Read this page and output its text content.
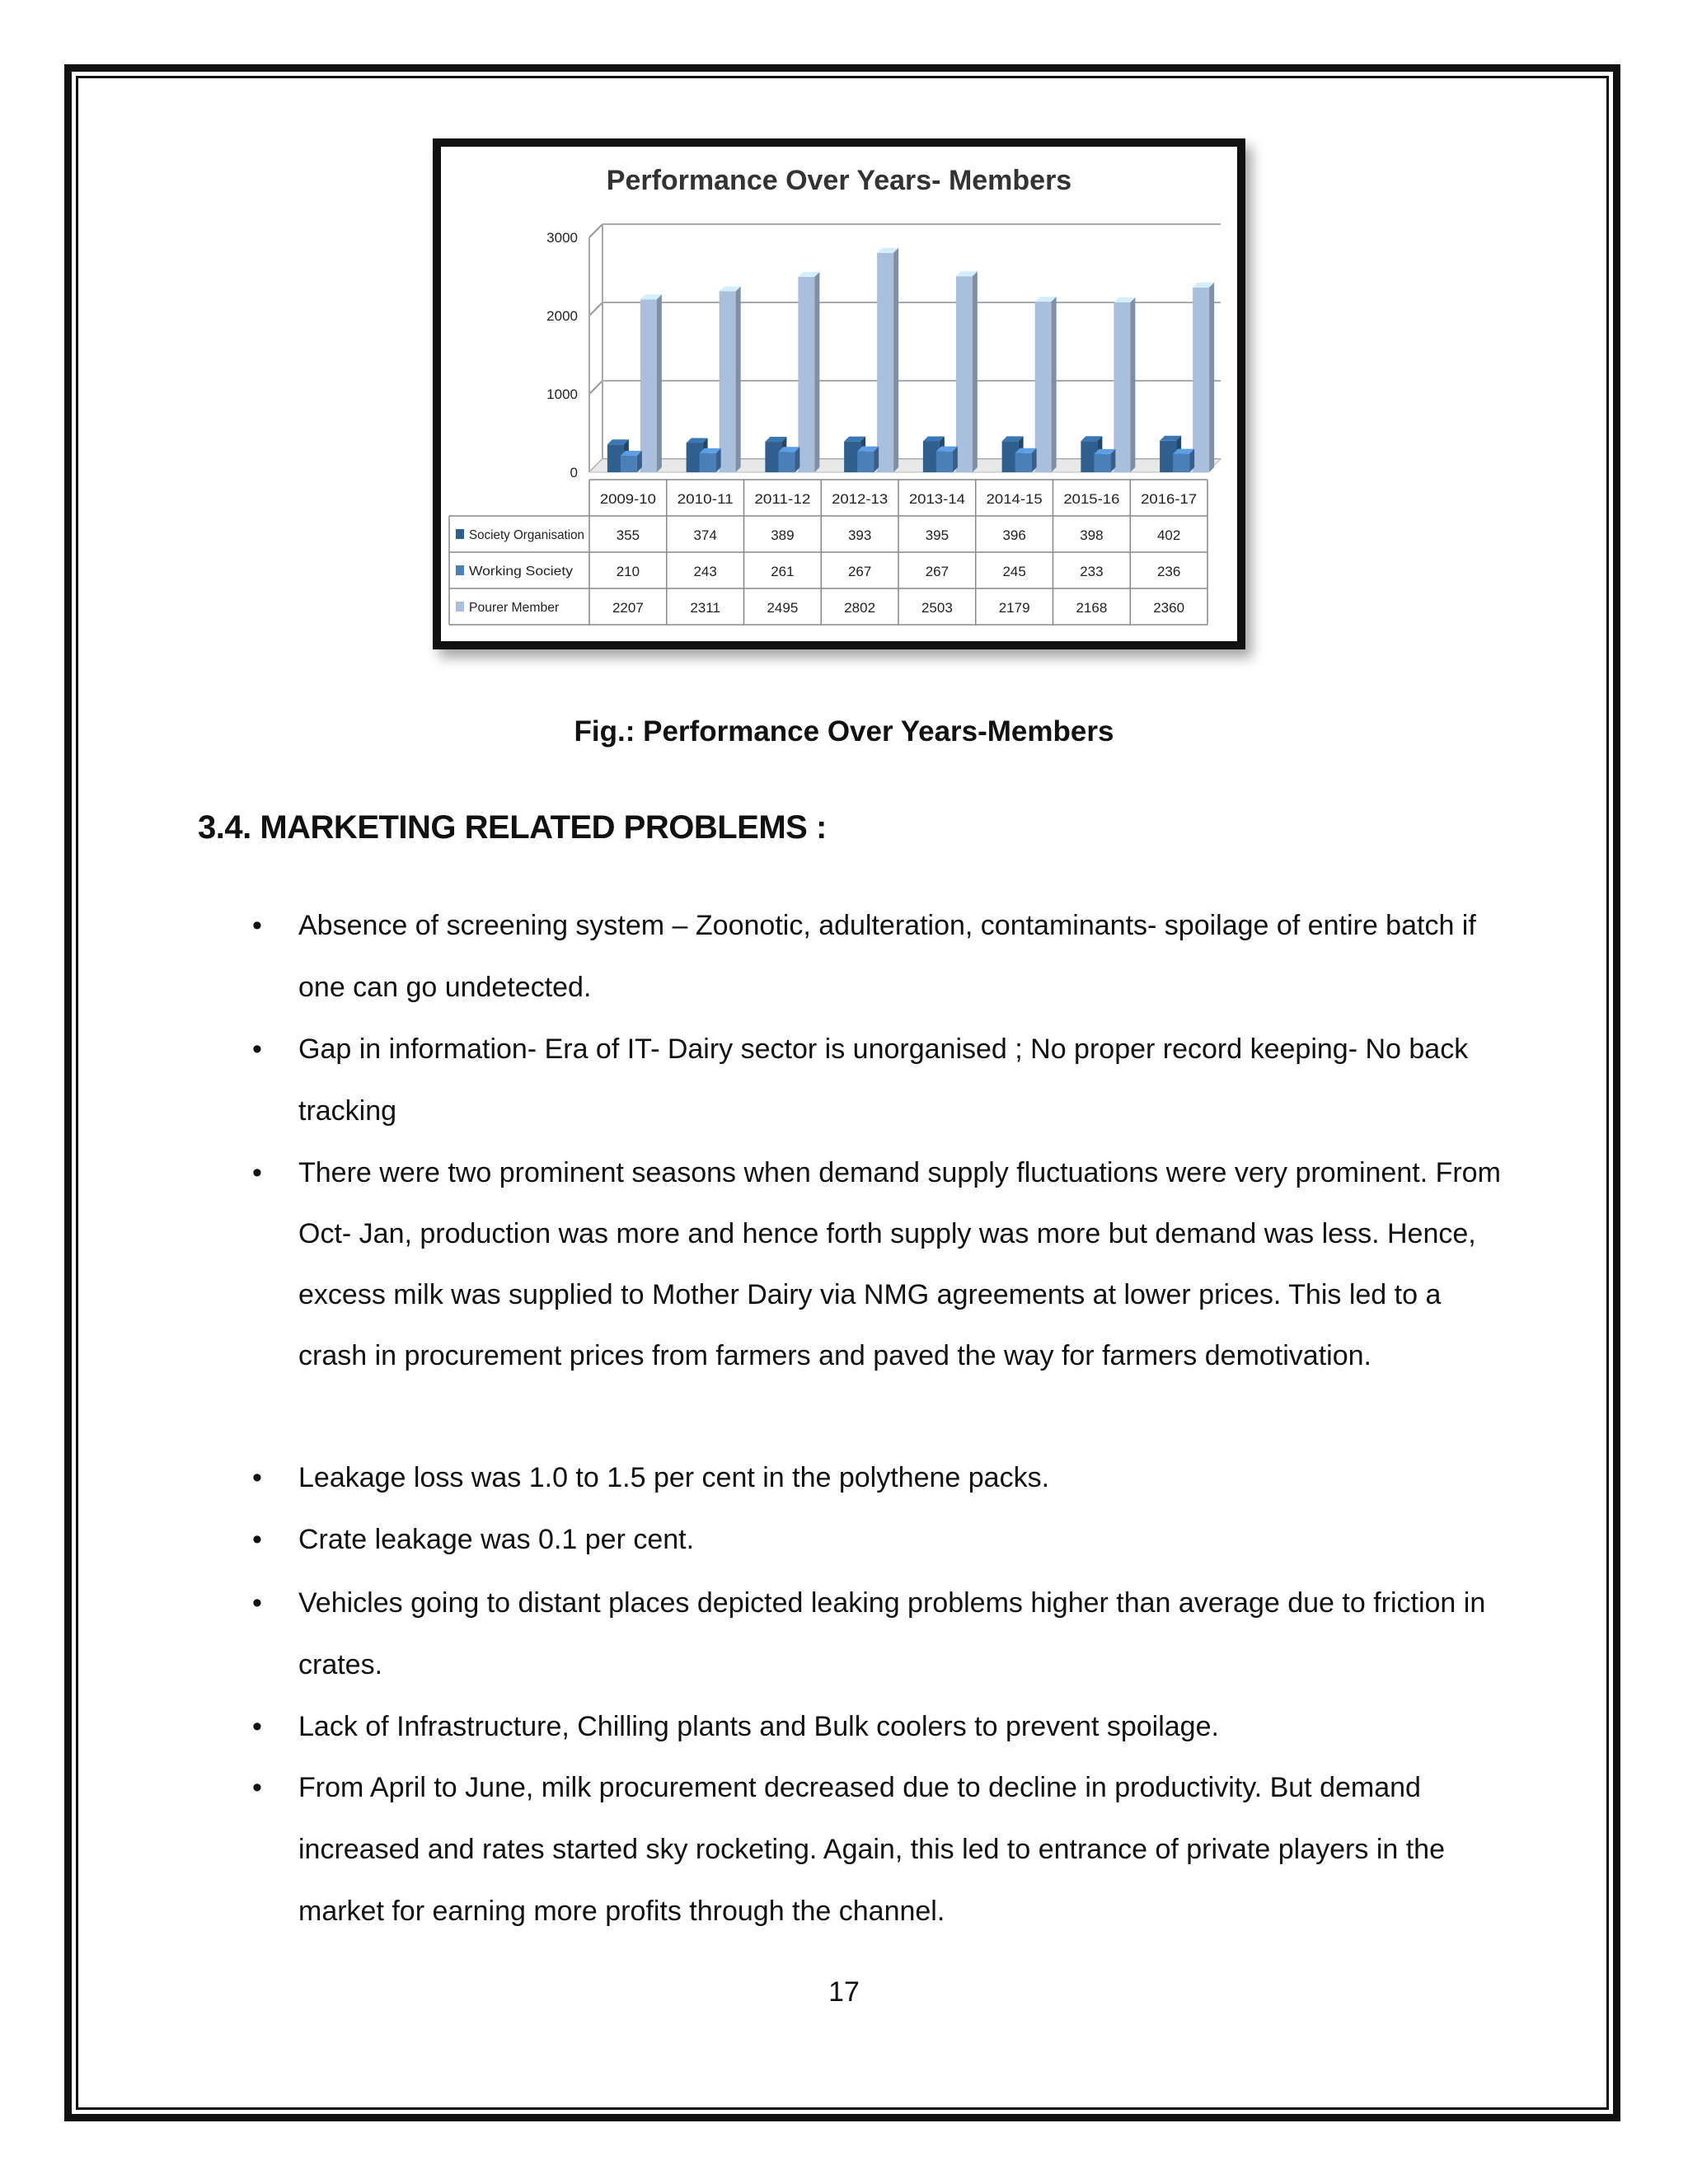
Performance Over Years- Members
0
1000
2000
3000
2009-10 2010-11 2011-12 2012-13 2013-14 2014-15 2015-16 2016-17
Society Organisation 355	374	389	393	395	396	398	402
Working Society	210	243	261	267	267	245	233	236
Pourer Member	2207	2311	2495	2802	2503	2179	2168	2360
Fig.: Performance Over Years-Members
3.4. MARKETING RELATED PROBLEMS :
• Absence of screening system – Zoonotic, adulteration, contaminants- spoilage of entire batch if one can go undetected.
• Gap in information- Era of IT- Dairy sector is unorganised ; No proper record keeping- No back tracking
• There were two prominent seasons when demand supply fluctuations were very prominent. From Oct- Jan, production was more and hence forth supply was more but demand was less. Hence, excess milk was supplied to Mother Dairy via NMG agreements at lower prices. This led to a crash in procurement prices from farmers and paved the way for farmers demotivation.
• Leakage loss was 1.0 to 1.5 per cent in the polythene packs.
• Crate leakage was 0.1 per cent.
• Vehicles going to distant places depicted leaking problems higher than average due to friction in crates.
• Lack of Infrastructure, Chilling plants and Bulk coolers to prevent spoilage.
• From April to June, milk procurement decreased due to decline in productivity. But demand increased and rates started sky rocketing. Again, this led to entrance of private players in the market for earning more profits through the channel.
17
